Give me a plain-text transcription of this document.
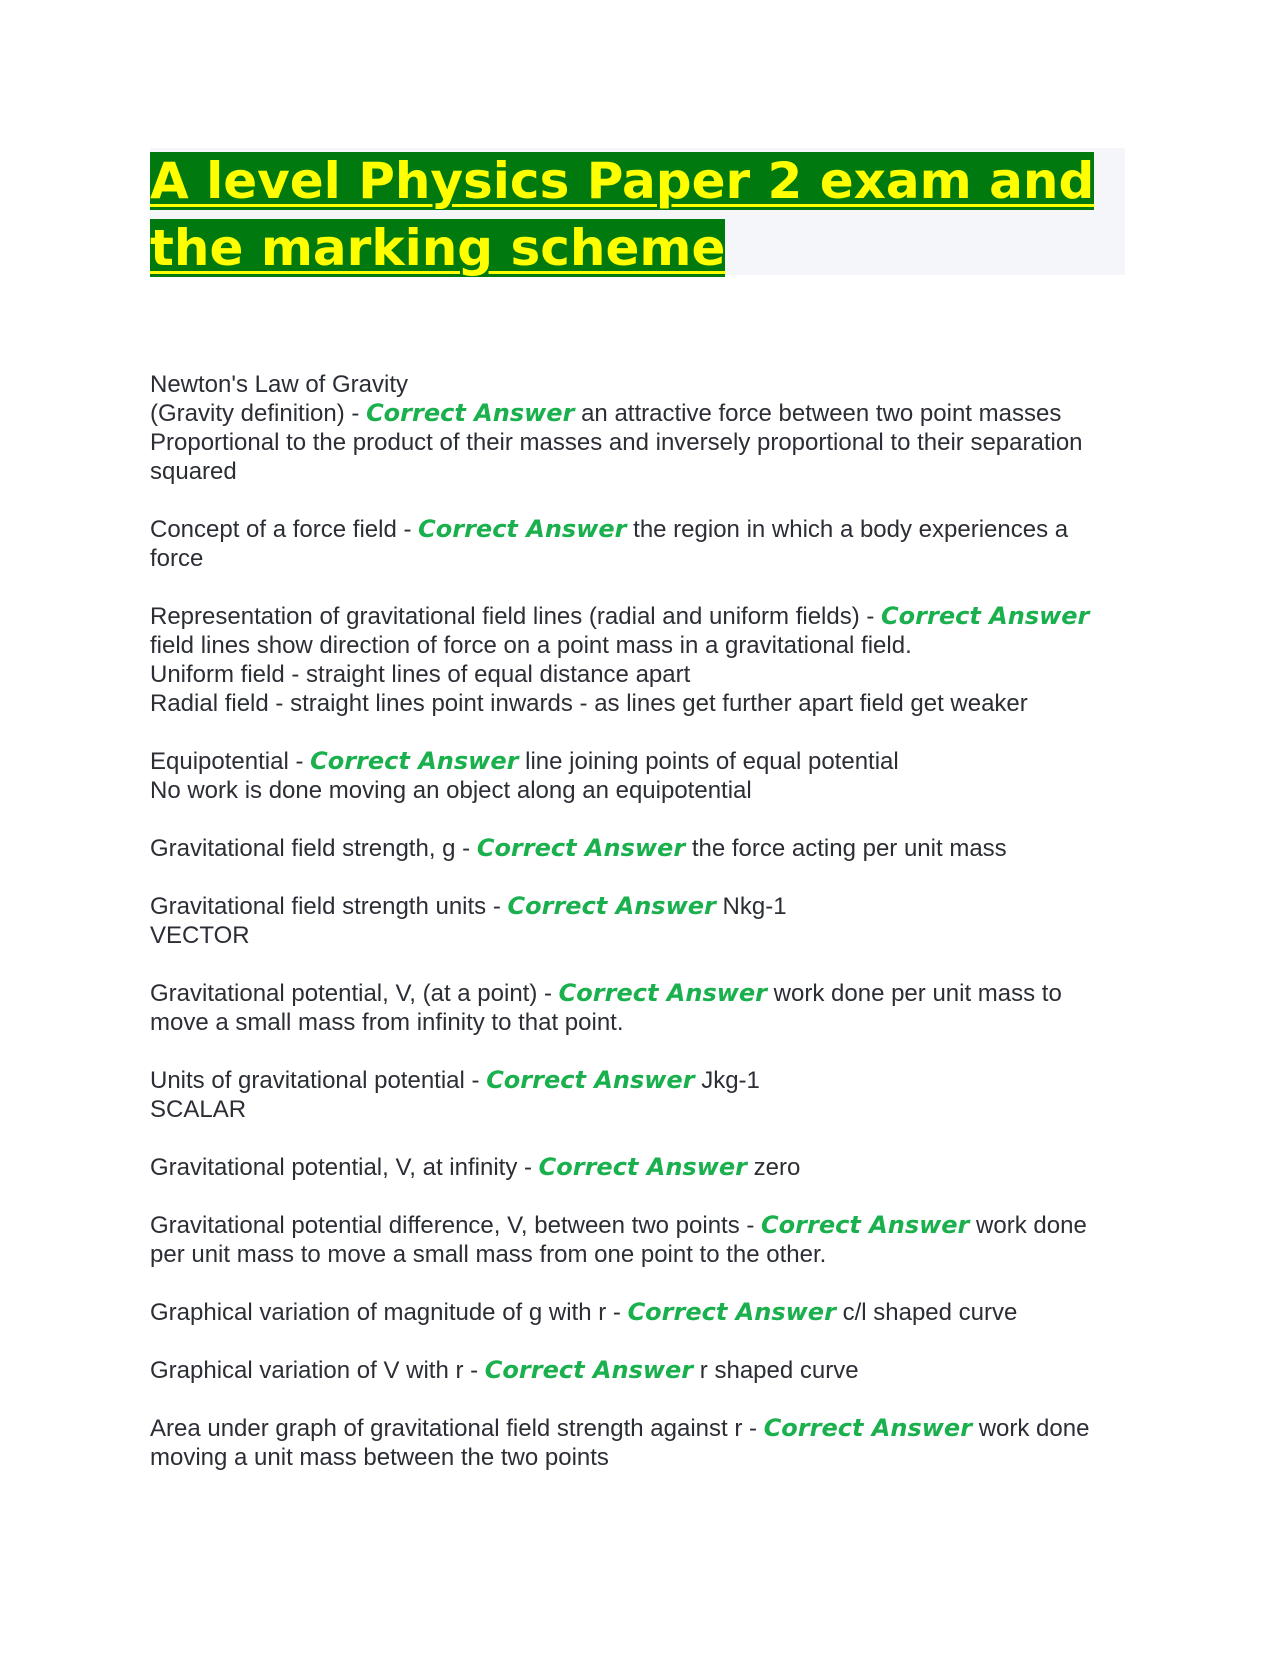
A level Physics Paper 2 exam and
the marking scheme
Newton's Law of Gravity
(Gravity definition) - Correct Answer an attractive force between two point masses
Proportional to the product of their masses and inversely proportional to their separation squared
Concept of a force field - Correct Answer the region in which a body experiences a force
Representation of gravitational field lines (radial and uniform fields) - Correct Answer field lines show direction of force on a point mass in a gravitational field.
Uniform field - straight lines of equal distance apart
Radial field - straight lines point inwards - as lines get further apart field get weaker
Equipotential - Correct Answer line joining points of equal potential
No work is done moving an object along an equipotential
Gravitational field strength, g - Correct Answer the force acting per unit mass
Gravitational field strength units - Correct Answer Nkg-1
VECTOR
Gravitational potential, V, (at a point) - Correct Answer work done per unit mass to move a small mass from infinity to that point.
Units of gravitational potential - Correct Answer Jkg-1
SCALAR
Gravitational potential, V, at infinity - Correct Answer zero
Gravitational potential difference, V, between two points - Correct Answer work done per unit mass to move a small mass from one point to the other.
Graphical variation of magnitude of g with r - Correct Answer c/l shaped curve
Graphical variation of V with r - Correct Answer r shaped curve
Area under graph of gravitational field strength against r - Correct Answer work done moving a unit mass between the two points
